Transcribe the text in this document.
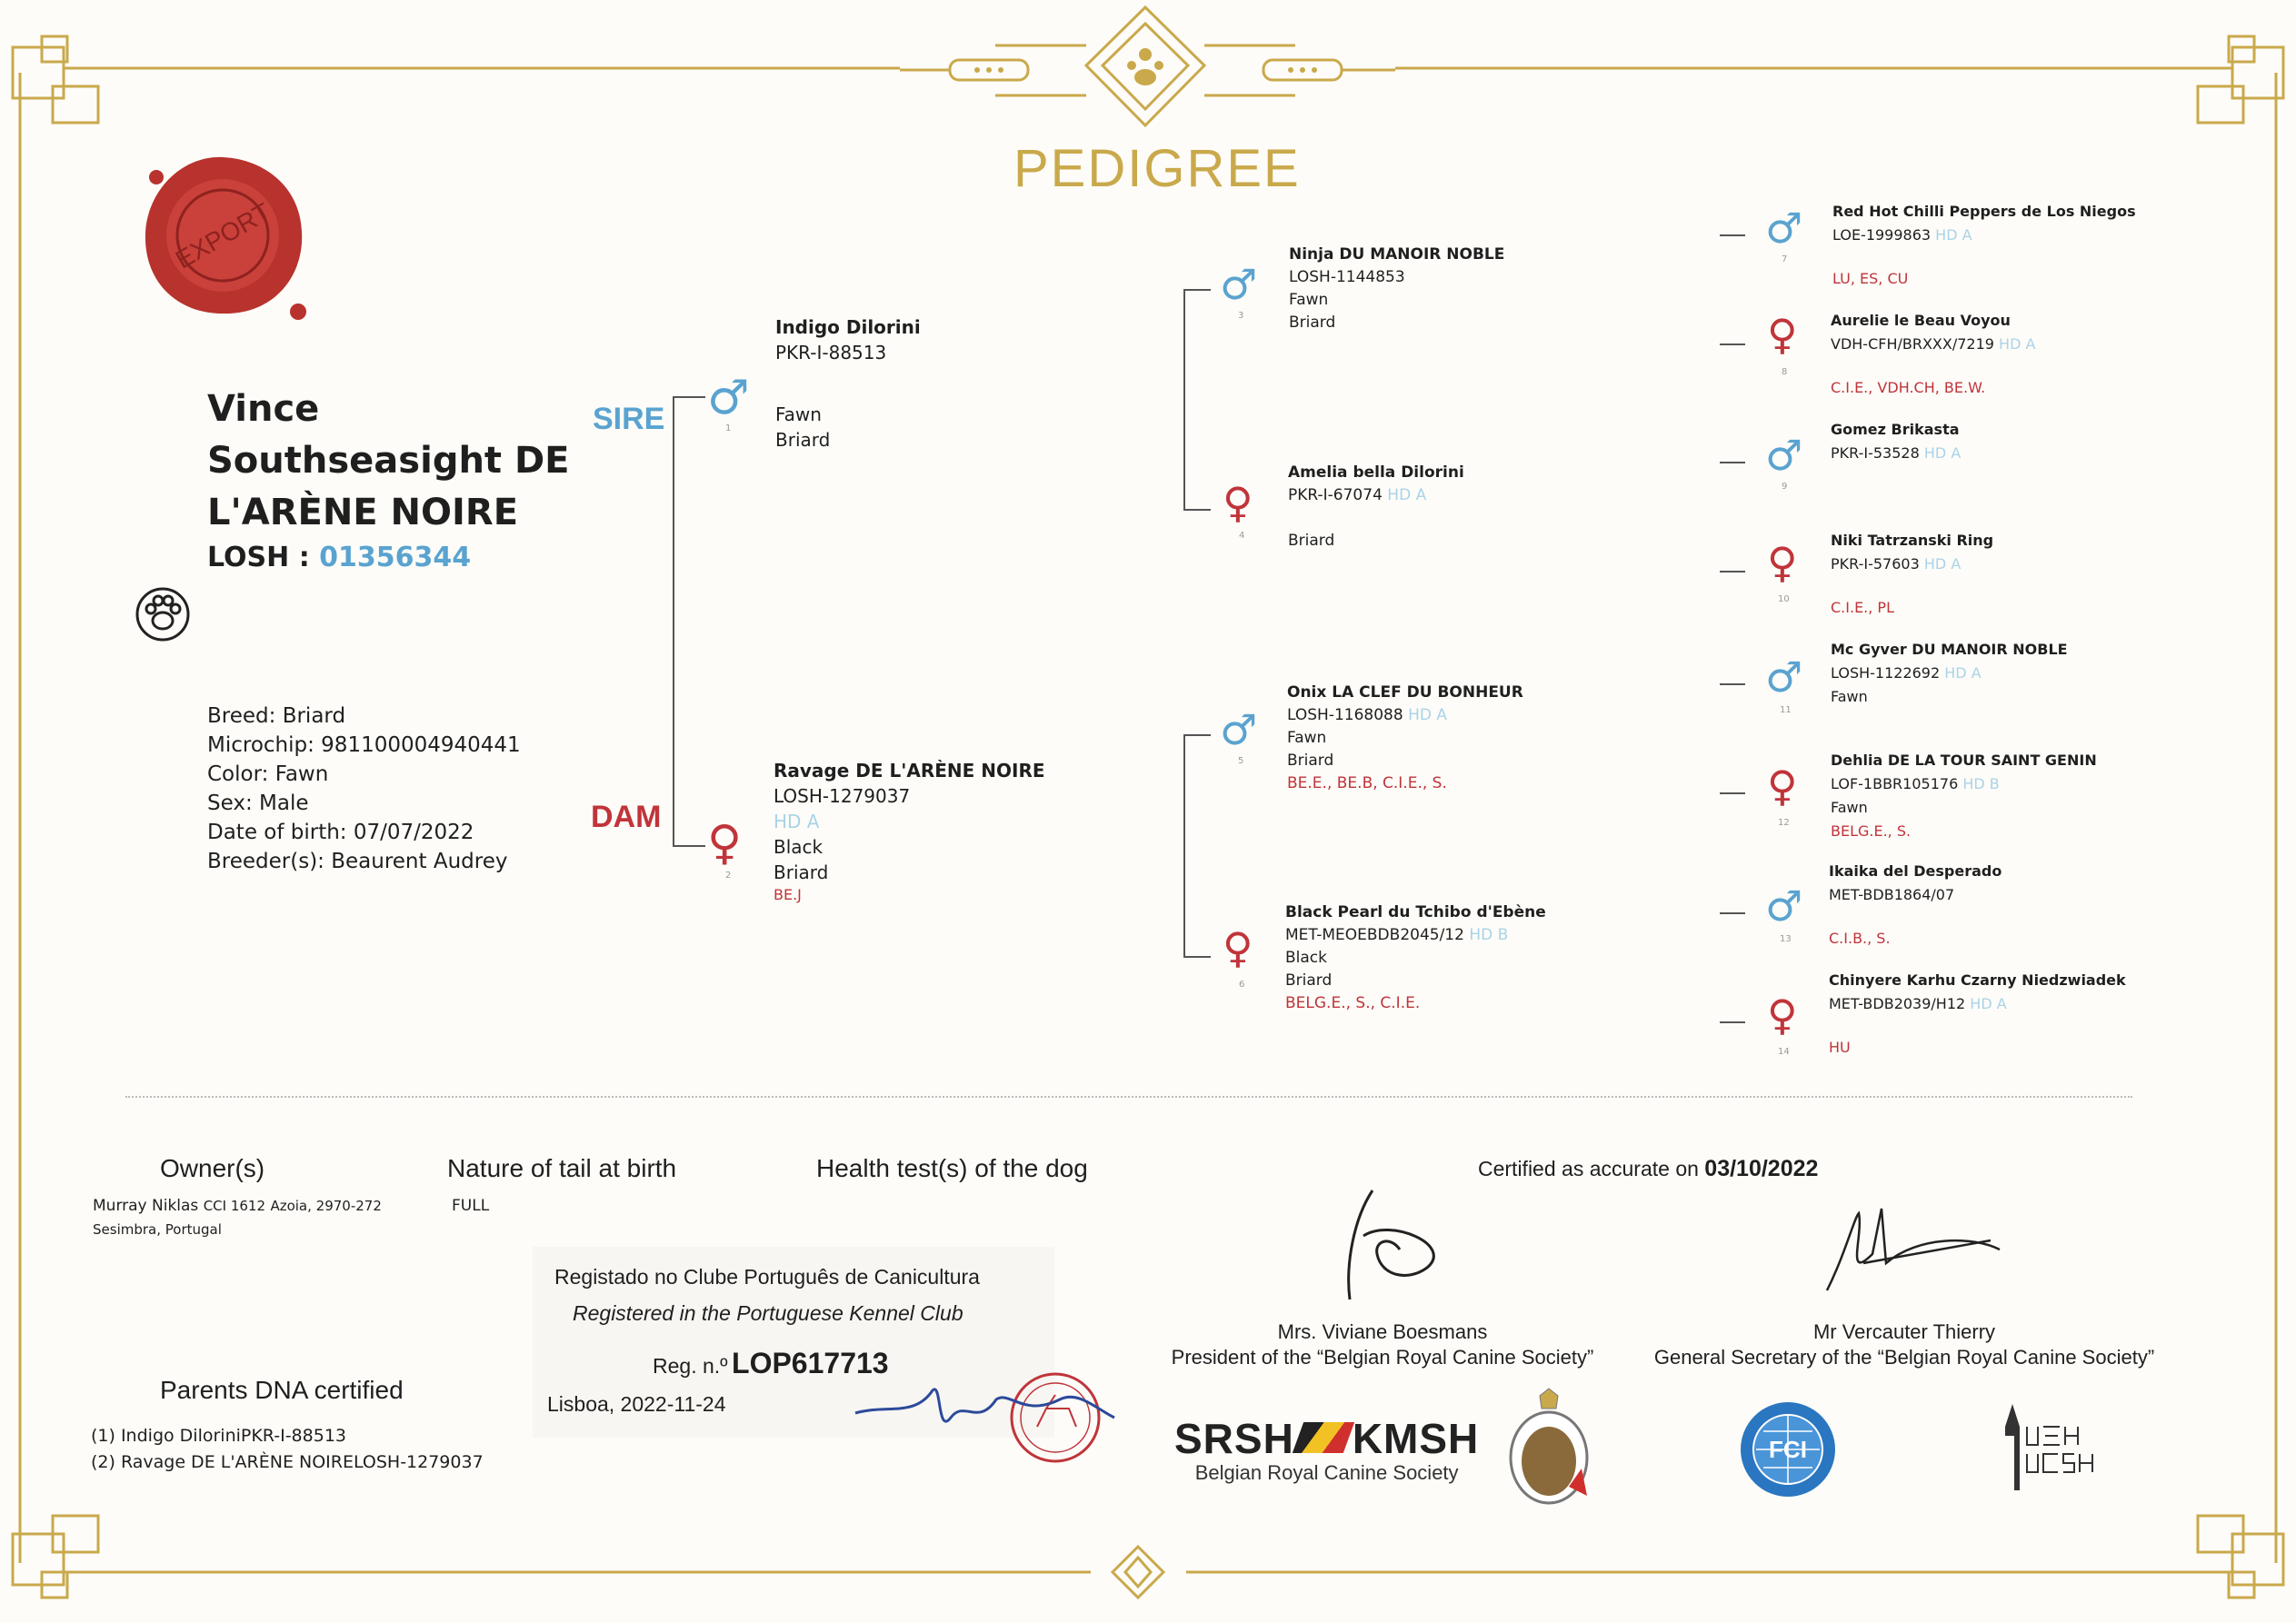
PEDIGREE
EXPORT
Vince
Southseasight DE
L'ARÈNE NOIRE
LOSH : 01356344
Breed: Briard
Microchip: 981100004940441
Color: Fawn
Sex: Male
Date of birth: 07/07/2022
Breeder(s): Beaurent Audrey
SIRE ♂
1
Indigo Dilorini
PKR-I-88513
Fawn
Briard
DAM ♀
2
Ravage DE L'ARÈNE NOIRE
LOSH-1279037
HD A
Black
Briard
BE.J
♂
3
Ninja DU MANOIR NOBLE
LOSH-1144853
Fawn
Briard
♀
4
Amelia bella Dilorini
PKR-I-67074 HD A
Briard
♂
5
Onix LA CLEF DU BONHEUR
LOSH-1168088 HD A
Fawn
Briard
BE.E., BE.B, C.I.E., S.
♀
6
Black Pearl du Tchibo d'Ebène
MET-MEOEBDB2045/12 HD B
Black
Briard
BELG.E., S., C.I.E.
♂
7
Red Hot Chilli Peppers de Los Niegos
LOE-1999863 HD A
LU, ES, CU
♀
8
Aurelie le Beau Voyou
VDH-CFH/BRXXX/7219 HD A
C.I.E., VDH.CH, BE.W.
♂
9
Gomez Brikasta
PKR-I-53528 HD A
♀
10
Niki Tatrzanski Ring
PKR-I-57603 HD A
C.I.E., PL
♂
11
Mc Gyver DU MANOIR NOBLE
LOSH-1122692 HD A
Fawn
♀
12
Dehlia DE LA TOUR SAINT GENIN
LOF-1BBR105176 HD B
Fawn
BELG.E., S.
♂
13
Ikaika del Desperado
MET-BDB1864/07
C.I.B., S.
♀
14
Chinyere Karhu Czarny Niedzwiadek
MET-BDB2039/H12 HD A
HU
Owner(s)
Murray Niklas CCI 1612 Azoia, 2970-272
Sesimbra, Portugal
Nature of tail at birth
FULL
Health test(s) of the dog	Certified as accurate on 03/10/2022
Parents DNA certified
(1) Indigo DiloriniPKR-I-88513
(2) Ravage DE L'ARÈNE NOIRELOSH-1279037
Registado no Clube Português de Canicultura
Registered in the Portuguese Kennel Club
Reg. n.º LOP617713
Lisboa, 2022-11-24
Mrs. Viviane Boesmans
President of the “Belgian Royal Canine Society”
Mr Vercauter Thierry
General Secretary of the “Belgian Royal Canine Society”
SRSH KMSH
Belgian Royal Canine Society
FCI
